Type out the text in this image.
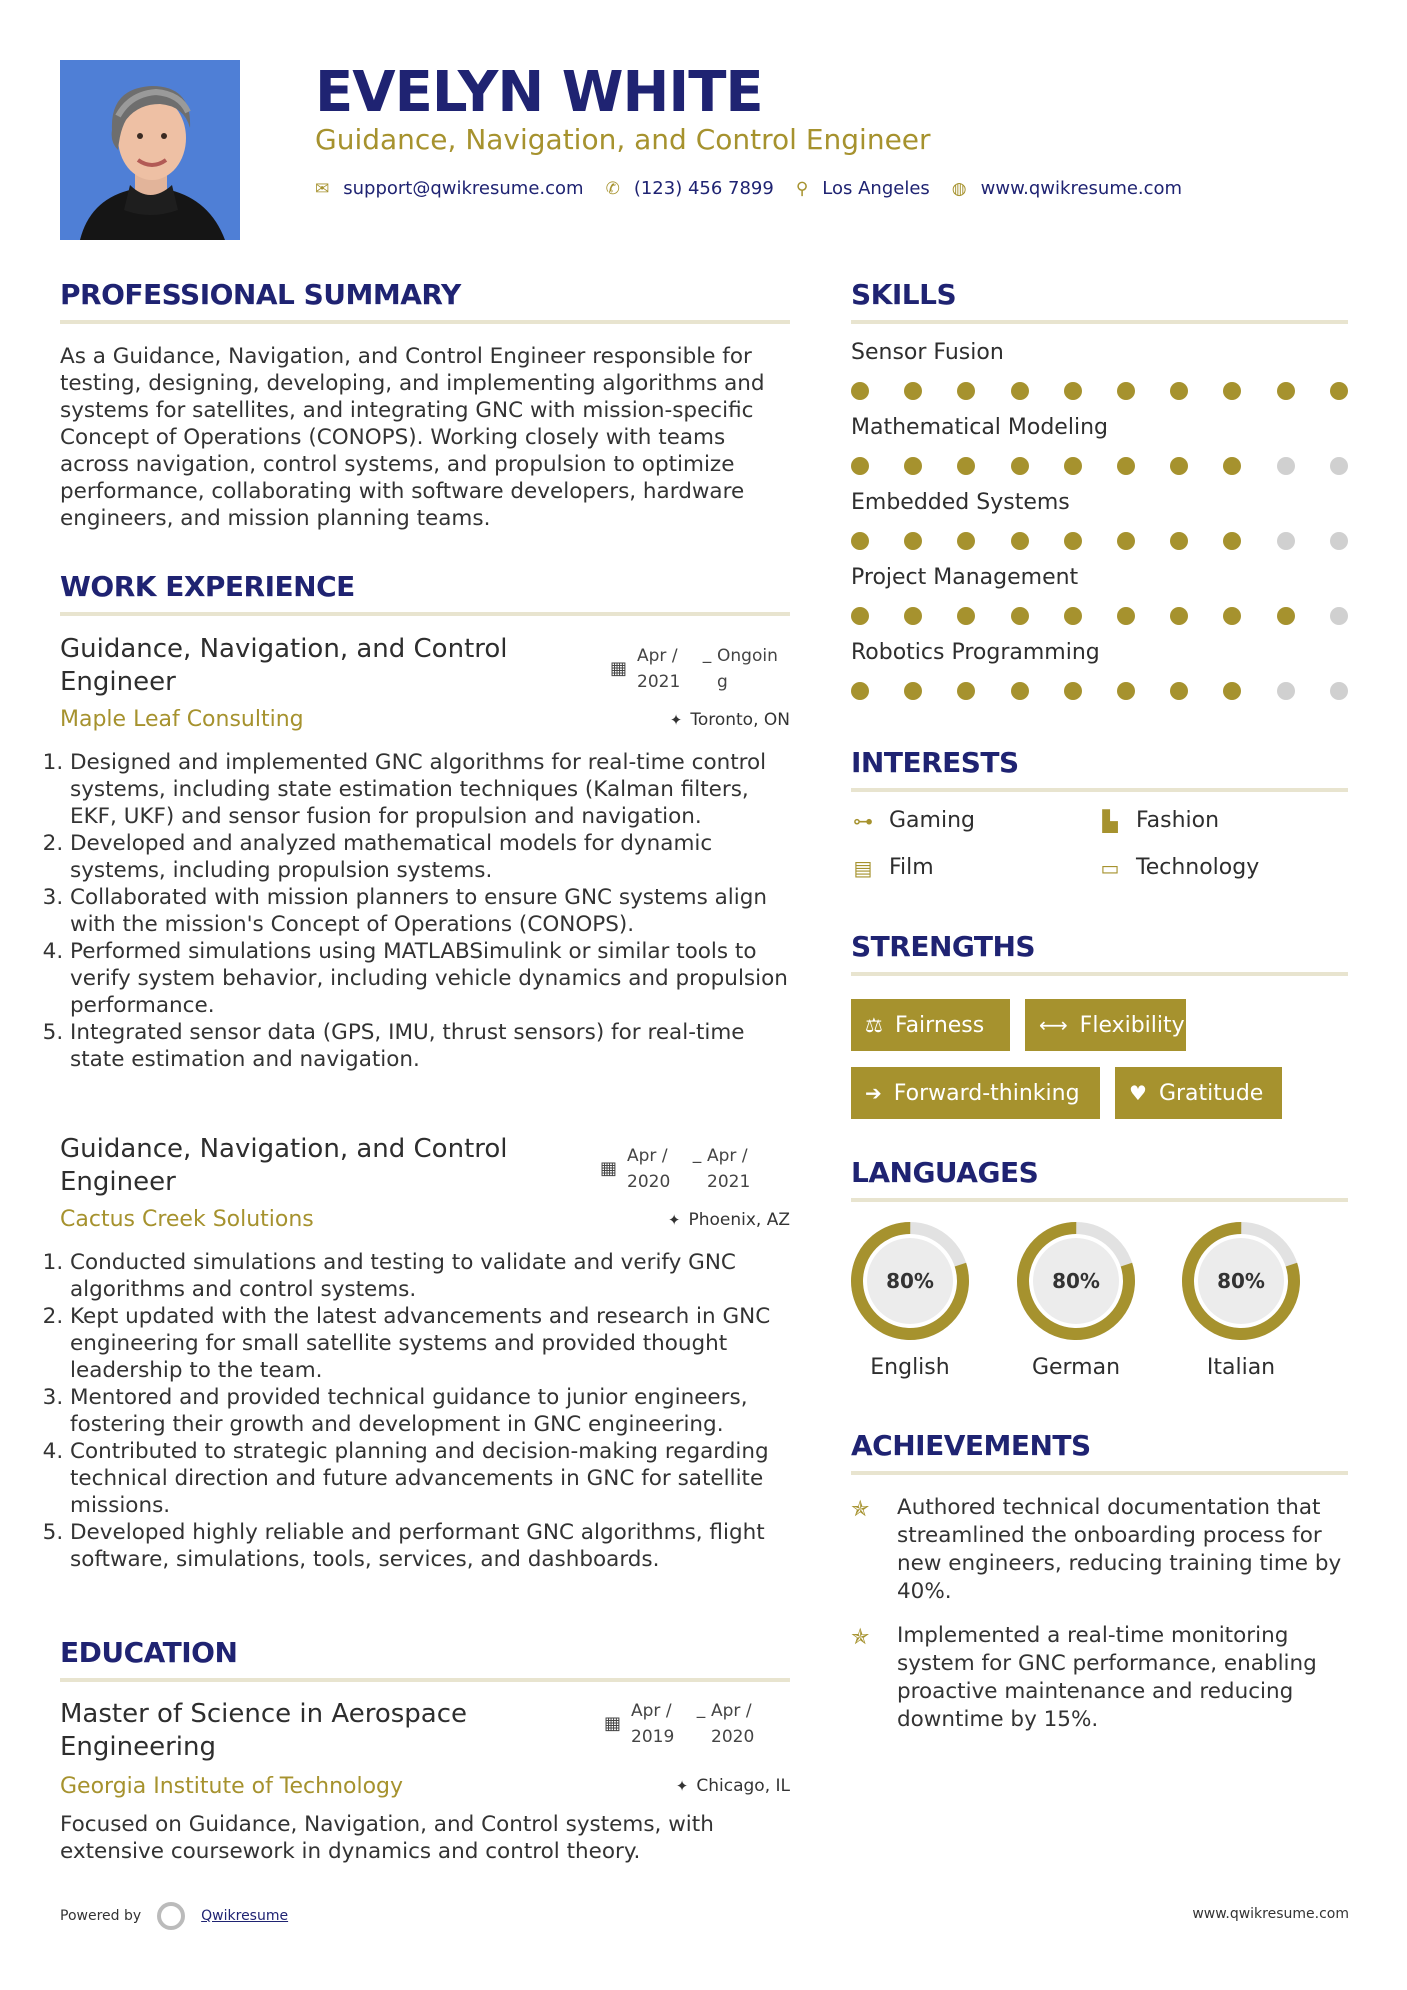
EVELYN WHITE
Guidance, Navigation, and Control Engineer
✉ support@qwikresume.com ✆ (123) 456 7899 ⚲ Los Angeles ◍ www.qwikresume.com
PROFESSIONAL SUMMARY
As a Guidance, Navigation, and Control Engineer responsible for testing, designing, developing, and implementing algorithms and systems for satellites, and integrating GNC with mission-specific Concept of Operations (CONOPS). Working closely with teams across navigation, control systems, and propulsion to optimize performance, collaborating with software developers, hardware engineers, and mission planning teams.
WORK EXPERIENCE
Guidance, Navigation, and Control Engineer	▦
Apr /
2021
_ Ongoin
g
Maple Leaf Consulting	✦ Toronto, ON
1. Designed and implemented GNC algorithms for real-time control systems, including state estimation techniques (Kalman filters, EKF, UKF) and sensor fusion for propulsion and navigation.
2. Developed and analyzed mathematical models for dynamic systems, including propulsion systems.
3. Collaborated with mission planners to ensure GNC systems align with the mission's Concept of Operations (CONOPS).
4. Performed simulations using MATLABSimulink or similar tools to verify system behavior, including vehicle dynamics and propulsion performance.
5. Integrated sensor data (GPS, IMU, thrust sensors) for real-time state estimation and navigation.
Guidance, Navigation, and Control Engineer	▦
Apr /
2020
_ Apr /
2021
Cactus Creek Solutions	✦ Phoenix, AZ
1. Conducted simulations and testing to validate and verify GNC algorithms and control systems.
2. Kept updated with the latest advancements and research in GNC engineering for small satellite systems and provided thought leadership to the team.
3. Mentored and provided technical guidance to junior engineers, fostering their growth and development in GNC engineering.
4. Contributed to strategic planning and decision-making regarding technical direction and future advancements in GNC for satellite missions.
5. Developed highly reliable and performant GNC algorithms, flight software, simulations, tools, services, and dashboards.
EDUCATION
Master of Science in Aerospace Engineering
▦
Apr /
2019
_ Apr /
2020
Georgia Institute of Technology	✦ Chicago, IL
Focused on Guidance, Navigation, and Control systems, with extensive coursework in dynamics and control theory.
SKILLS
Sensor Fusion
Mathematical Modeling
Embedded Systems
Project Management
Robotics Programming
INTERESTS
⊶ Gaming	▙ Fashion
▤ Film	▭ Technology
STRENGTHS
⚖ Fairness	⟷ Flexibility
➔ Forward-thinking ♥ Gratitude
LANGUAGES
80%
English
80%
German
80%
Italian
ACHIEVEMENTS
✯	Authored technical documentation that streamlined the onboarding process for new engineers, reducing training time by 40%.
✯	Implemented a real-time monitoring system for GNC performance, enabling proactive maintenance and reducing downtime by 15%.
Powered by	Qwikresume	www.qwikresume.com
